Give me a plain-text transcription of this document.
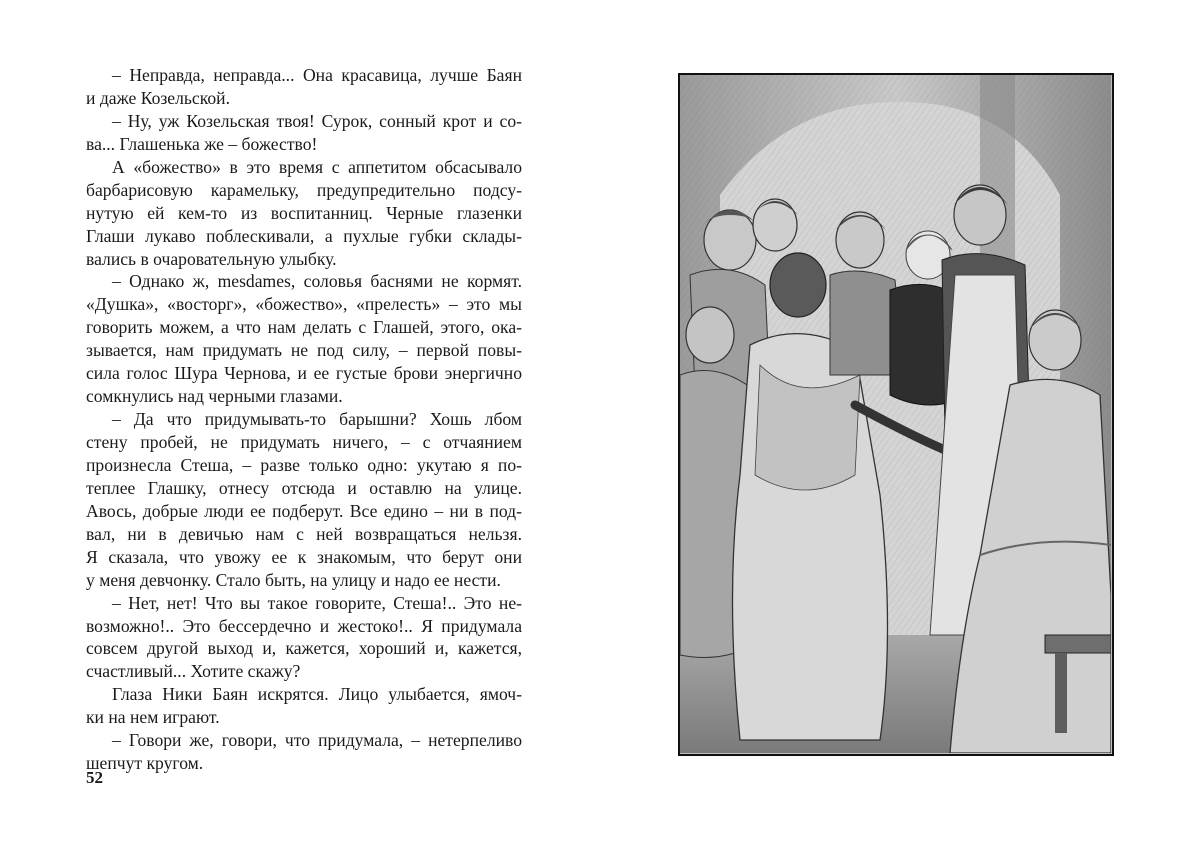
– Неправда, неправда... Она красавица, лучше Баян
и даже Козельской.
– Ну, уж Козельская твоя! Сурок, сонный крот и со-
ва... Глашенька же – божество!
А «божество» в это время с аппетитом обсасывало
барбарисовую карамельку, предупредительно подсу-
нутую ей кем-то из воспитанниц. Черные глазенки
Глаши лукаво поблескивали, а пухлые губки склады-
вались в очаровательную улыбку.
– Однако ж, mesdames, соловья баснями не кормят.
«Душка», «восторг», «божество», «прелесть» – это мы
говорить можем, а что нам делать с Глашей, этого, ока-
зывается, нам придумать не под силу, – первой повы-
сила голос Шура Чернова, и ее густые брови энергично
сомкнулись над черными глазами.
– Да что придумывать-то барышни? Хошь лбом
стену пробей, не придумать ничего, – с отчаянием
произнесла Стеша, – разве только одно: укутаю я по-
теплее Глашку, отнесу отсюда и оставлю на улице.
Авось, добрые люди ее подберут. Все едино – ни в под-
вал, ни в девичью нам с ней возвращаться нельзя.
Я сказала, что увожу ее к знакомым, что берут они
у меня девчонку. Стало быть, на улицу и надо ее нести.
– Нет, нет! Что вы такое говорите, Стеша!.. Это не-
возможно!.. Это бессердечно и жестоко!.. Я придумала
совсем другой выход и, кажется, хороший и, кажется,
счастливый... Хотите скажу?
Глаза Ники Баян искрятся. Лицо улыбается, ямоч-
ки на нем играют.
– Говори же, говори, что придумала, – нетерпеливо
шепчут кругом.
52
